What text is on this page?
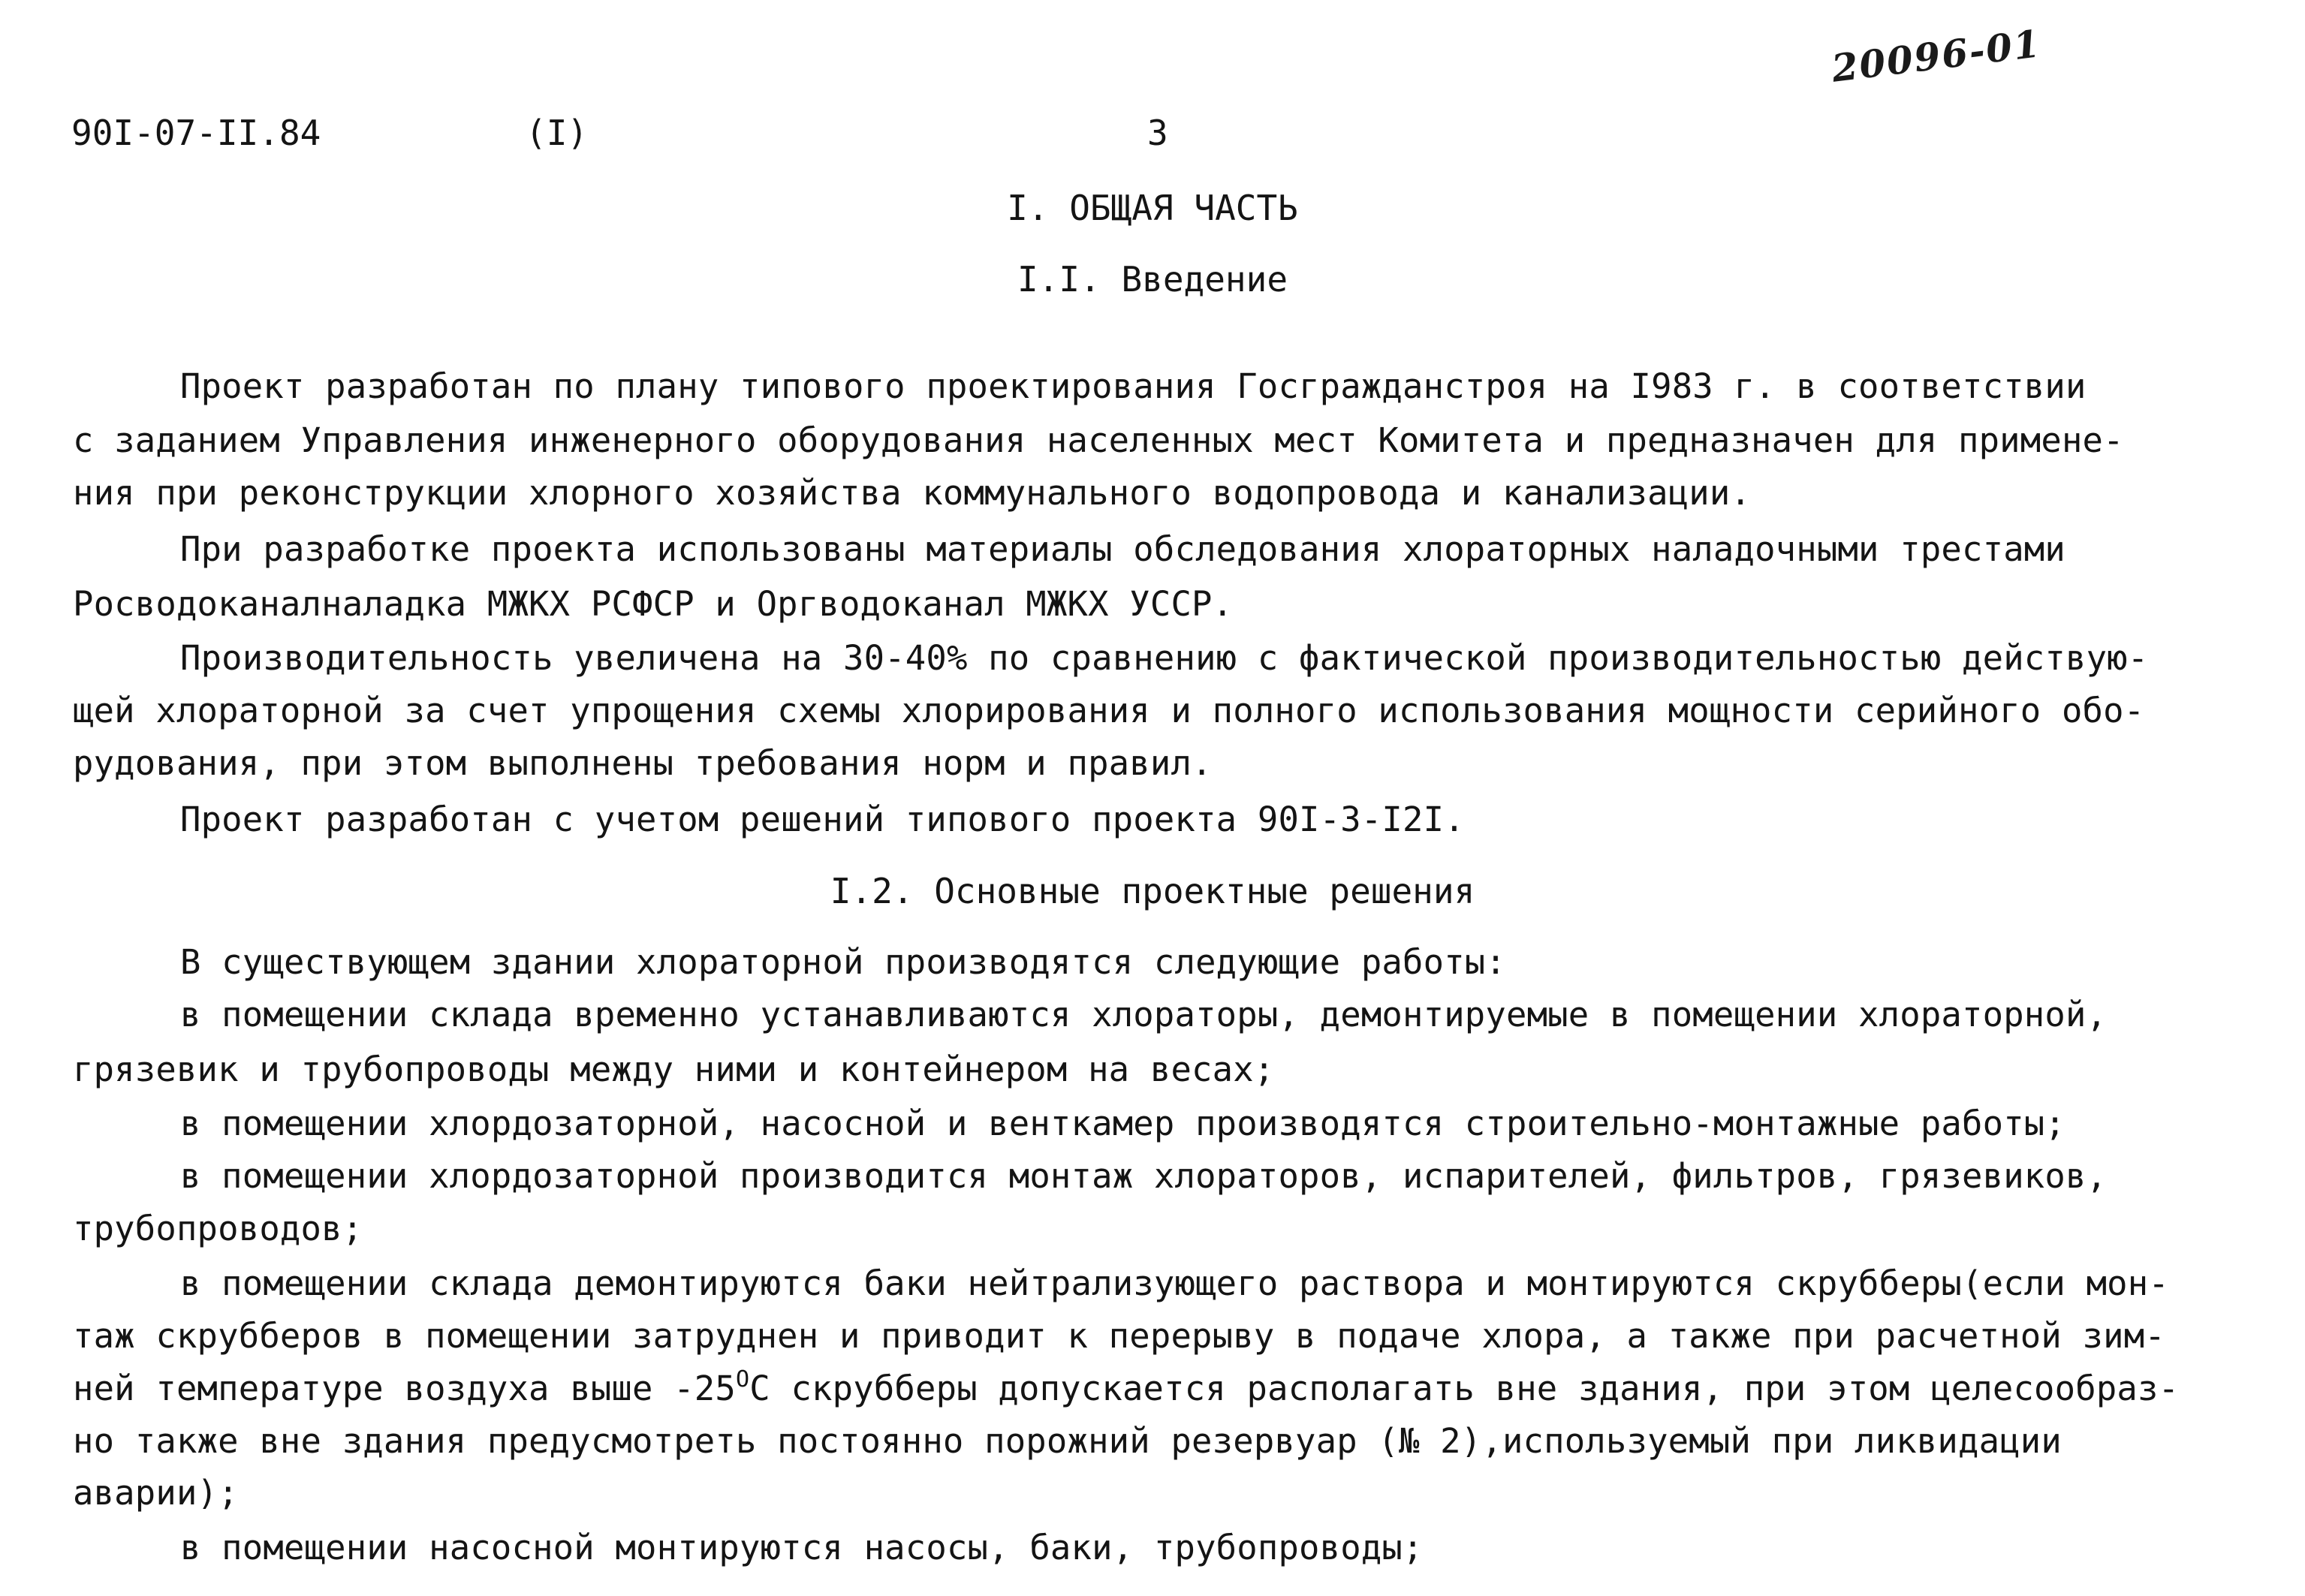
20096-01
90I-07-II.84	(I)	3
I. ОБЩАЯ ЧАСТЬ
I.I. Введение
Проект разработан по плану типового проектирования Госгражданстроя на I983 г. в соответствии
с заданием Управления инженерного оборудования населенных мест Комитета и предназначен для примене-
ния при реконструкции хлорного хозяйства коммунального водопровода и канализации.
При разработке проекта использованы материалы обследования хлораторных наладочными трестами
Росводоканалналадка МЖКХ РСФСР и Оргводоканал МЖКХ УССР.
Производительность увеличена на 30-40% по сравнению с фактической производительностью действую-
щей хлораторной за счет упрощения схемы хлорирования и полного использования мощности серийного обо-
рудования, при этом выполнены требования норм и правил.
Проект разработан с учетом решений типового проекта 90I-3-I2I.
I.2. Основные проектные решения
В существующем здании хлораторной производятся следующие работы:
в помещении склада временно устанавливаются хлораторы, демонтируемые в помещении хлораторной,
грязевик и трубопроводы между ними и контейнером на весах;
в помещении хлордозаторной, насосной и венткамер производятся строительно-монтажные работы;
в помещении хлордозаторной производится монтаж хлораторов, испарителей, фильтров, грязевиков,
трубопроводов;
в помещении склада демонтируются баки нейтрализующего раствора и монтируются скрубберы(если мон-
таж скрубберов в помещении затруднен и приводит к перерыву в подаче хлора, а также при расчетной зим-
ней температуре воздуха выше $-25^OС$ скрубберы допускается располагать вне здания, при этом целесообраз-
но также вне здания предусмотреть постоянно порожний резервуар (№ 2),используемый при ликвидации
аварии);
в помещении насосной монтируются насосы, баки, трубопроводы;
